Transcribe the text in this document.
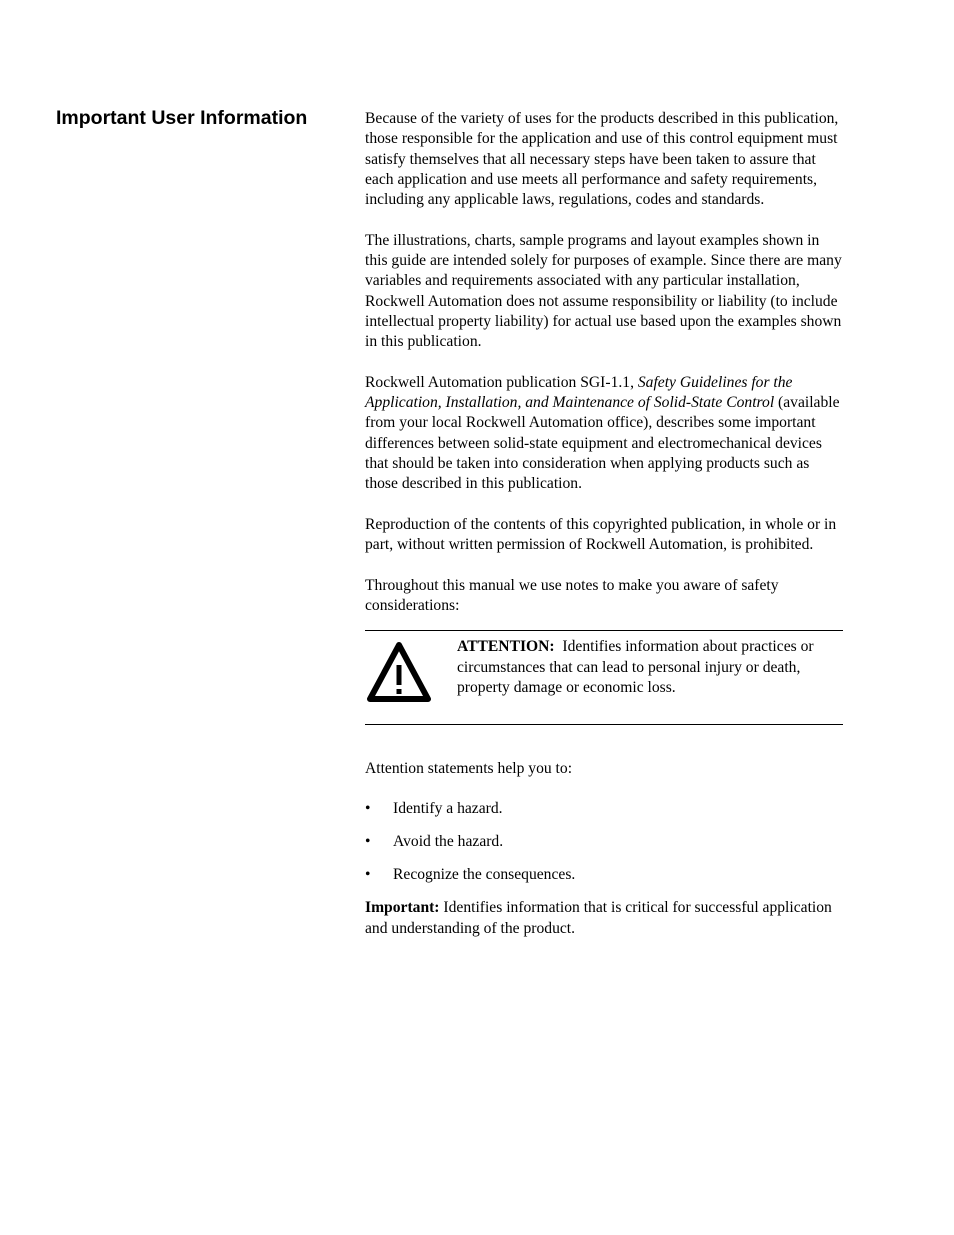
Important User Information	Because of the variety of uses for the products described in this publication, those responsible for the application and use of this control equipment must satisfy themselves that all necessary steps have been taken to assure that each application and use meets all performance and safety requirements, including any applicable laws, regulations, codes and standards.

The illustrations, charts, sample programs and layout examples shown in this guide are intended solely for purposes of example. Since there are many variables and requirements associated with any particular installation, Rockwell Automation does not assume responsibility or liability (to include intellectual property liability) for actual use based upon the examples shown in this publication.

Rockwell Automation publication SGI-1.1, Safety Guidelines for the Application, Installation, and Maintenance of Solid-State Control (available from your local Rockwell Automation office), describes some important differences between solid-state equipment and electromechanical devices that should be taken into consideration when applying products such as those described in this publication.

Reproduction of the contents of this copyrighted publication, in whole or in part, without written permission of Rockwell Automation, is prohibited.

Throughout this manual we use notes to make you aware of safety considerations:

ATTENTION: Identifies information about practices or circumstances that can lead to personal injury or death, property damage or economic loss.

Attention statements help you to:

• Identify a hazard.
• Avoid the hazard.
• Recognize the consequences.

Important: Identifies information that is critical for successful application and understanding of the product.
